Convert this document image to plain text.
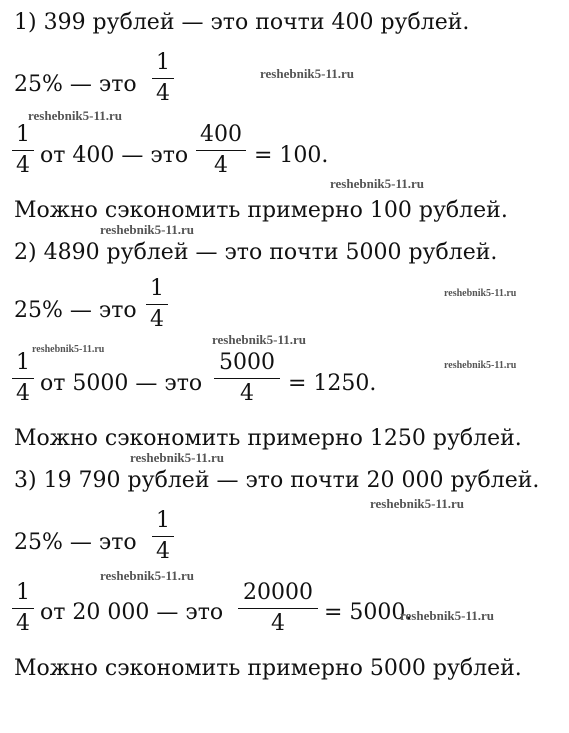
1) 399 рублей — это почти 400 рублей.
25% — это
1
4
1
4 от 400 — это
400
4	= 100.
Можно сэкономить примерно 100 рублей.
2) 4890 рублей — это почти 5000 рублей.
25% — это
1
4
1
4 от 5000 — это
5000
4	= 1250.
Можно сэкономить примерно 1250 рублей.
3) 19 790 рублей — это почти 20 000 рублей.
25% — это
1
4
1
4 от 20 000 — это
20000
4	= 5000.
Можно сэкономить примерно 5000 рублей.
reshebnik5-11.ru
reshebnik5-11.ru
reshebnik5-11.ru
reshebnik5-11.ru
reshebnik5-11.ru
reshebnik5-11.ru
reshebnik5-11.ru
reshebnik5-11.ru
reshebnik5-11.ru
reshebnik5-11.ru
reshebnik5-11.ru
reshebnik5-11.ru
